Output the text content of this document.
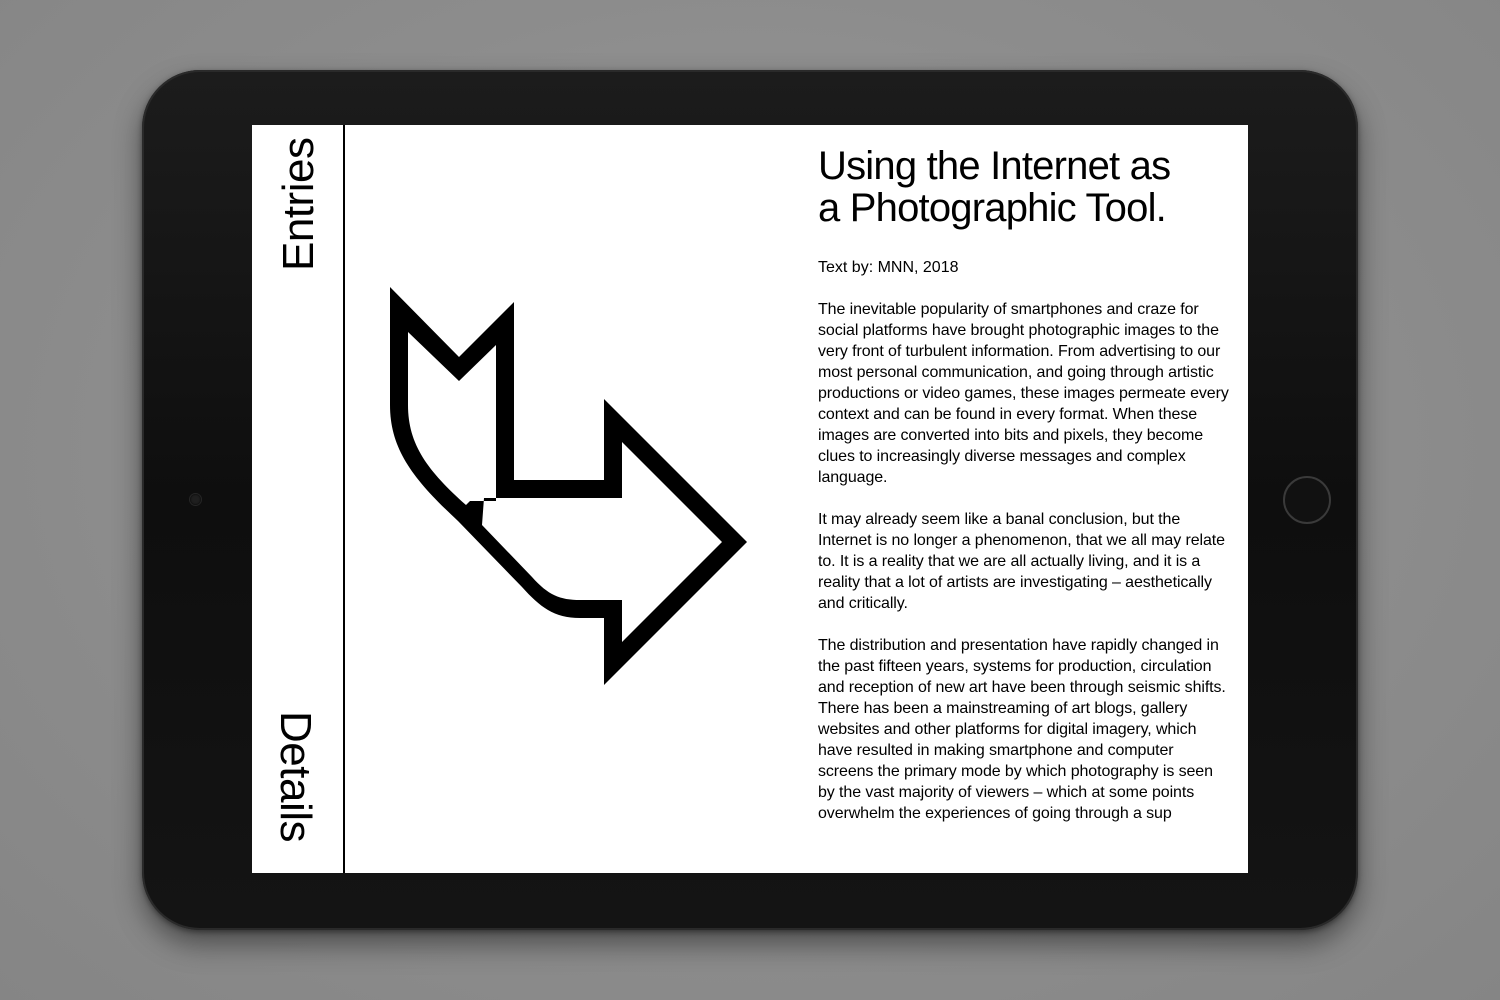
Entries
Details
Using the Internet as
a Photographic Tool.

Text by: MNN, 2018

The inevitable popularity of smartphones and craze for social platforms have brought photographic images to the very front of turbulent information. From advertising to our most personal communication, and going through artistic productions or video games, these images permeate every context and can be found in every format. When these images are converted into bits and pixels, they become clues to increasingly diverse messages and complex language.

It may already seem like a banal conclusion, but the Internet is no longer a phenomenon, that we all may relate to. It is a reality that we are all actually living, and it is a reality that a lot of artists are investigating – aesthetically and critically.

The distribution and presentation have rapidly changed in the past fifteen years, systems for production, circulation and reception of new art have been through seismic shifts. There has been a mainstreaming of art blogs, gallery websites and other platforms for digital imagery, which have resulted in making smartphone and computer screens the primary mode by which photography is seen by the vast majority of viewers – which at some points overwhelm the experiences of going through a sup
